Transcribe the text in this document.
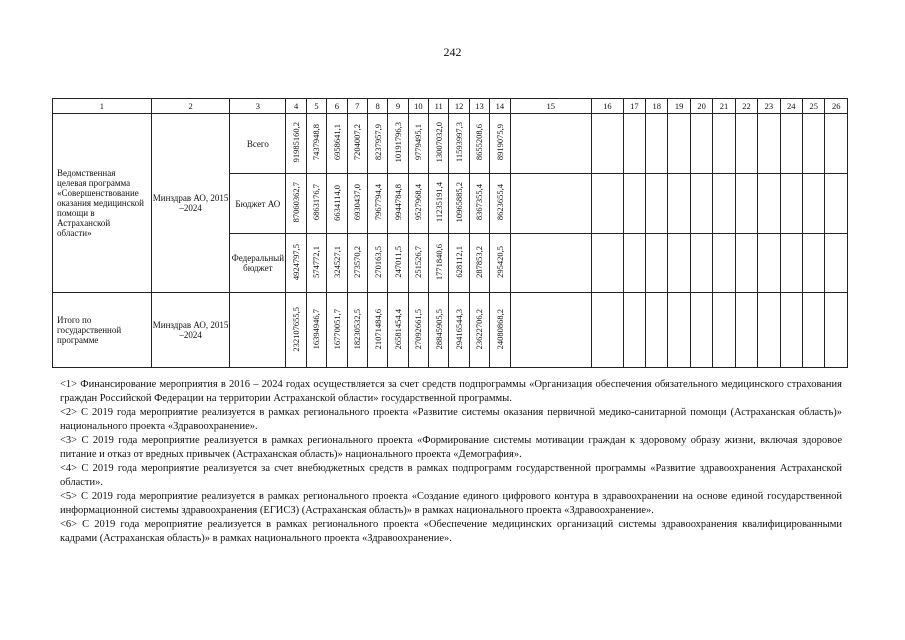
242
1	2	3	4	5	6	7	8	9	10	11	12	13	14	15	16	17	18	19	20	21	22	23	24	25	26
Ведомственная целевая программа «Совершенствование оказания медицинской помощи в Астраханской области»	Минздрав АО, 2015 –2024	Всего	91985160,2	7437948,8	6958641,1	7204007,2	8237957,9	10191796,3	9779495,1	13007032,0	11593997,3	8655208,6	8919075,9												
		Бюджет АО	87060362,7	6863176,7	6634114,0	6930437,0	7967794,4	9944784,8	9527968,4	11235191,4	10965885,2	8367355,4	8623655,4												
		Федеральный бюджет	4924797,5	574772,1	324527,1	273570,2	270163,5	247011,5	251526,7	1771840,6	628112,1	287853,2	295420,5												
Итого по государственной программе	Минздрав АО, 2015 –2024		232107655,5	16394946,7	16770051,7	18230532,5	21071484,6	26581454,4	27092661,5	28845905,5	29416544,3	23622706,2	24080868,2												

<1> Финансирование мероприятия в 2016 – 2024 годах осуществляется за счет средств подпрограммы «Организация обеспечения обязательного медицинского страхования граждан Российской Федерации на территории Астраханской области» государственной программы.

<2> С 2019 года мероприятие реализуется в рамках регионального проекта «Развитие системы оказания первичной медико-санитарной помощи (Астраханская область)» национального проекта «Здравоохранение».

<3> С 2019 года мероприятие реализуется в рамках регионального проекта «Формирование системы мотивации граждан к здоровому образу жизни, включая здоровое питание и отказ от вредных привычек (Астраханская область)» национального проекта «Демография».

<4> С 2019 года мероприятие реализуется за счет внебюджетных средств в рамках подпрограмм государственной программы «Развитие здравоохранения Астраханской области».

<5> С 2019 года мероприятие реализуется в рамках регионального проекта «Создание единого цифрового контура в здравоохранении на основе единой государственной информационной системы здравоохранения (ЕГИСЗ) (Астраханская область)» в рамках национального проекта «Здравоохранение».

<6> С 2019 года мероприятие реализуется в рамках регионального проекта «Обеспечение медицинских организаций системы здравоохранения квалифицированными кадрами (Астраханская область)» в рамках национального проекта «Здравоохранение».
